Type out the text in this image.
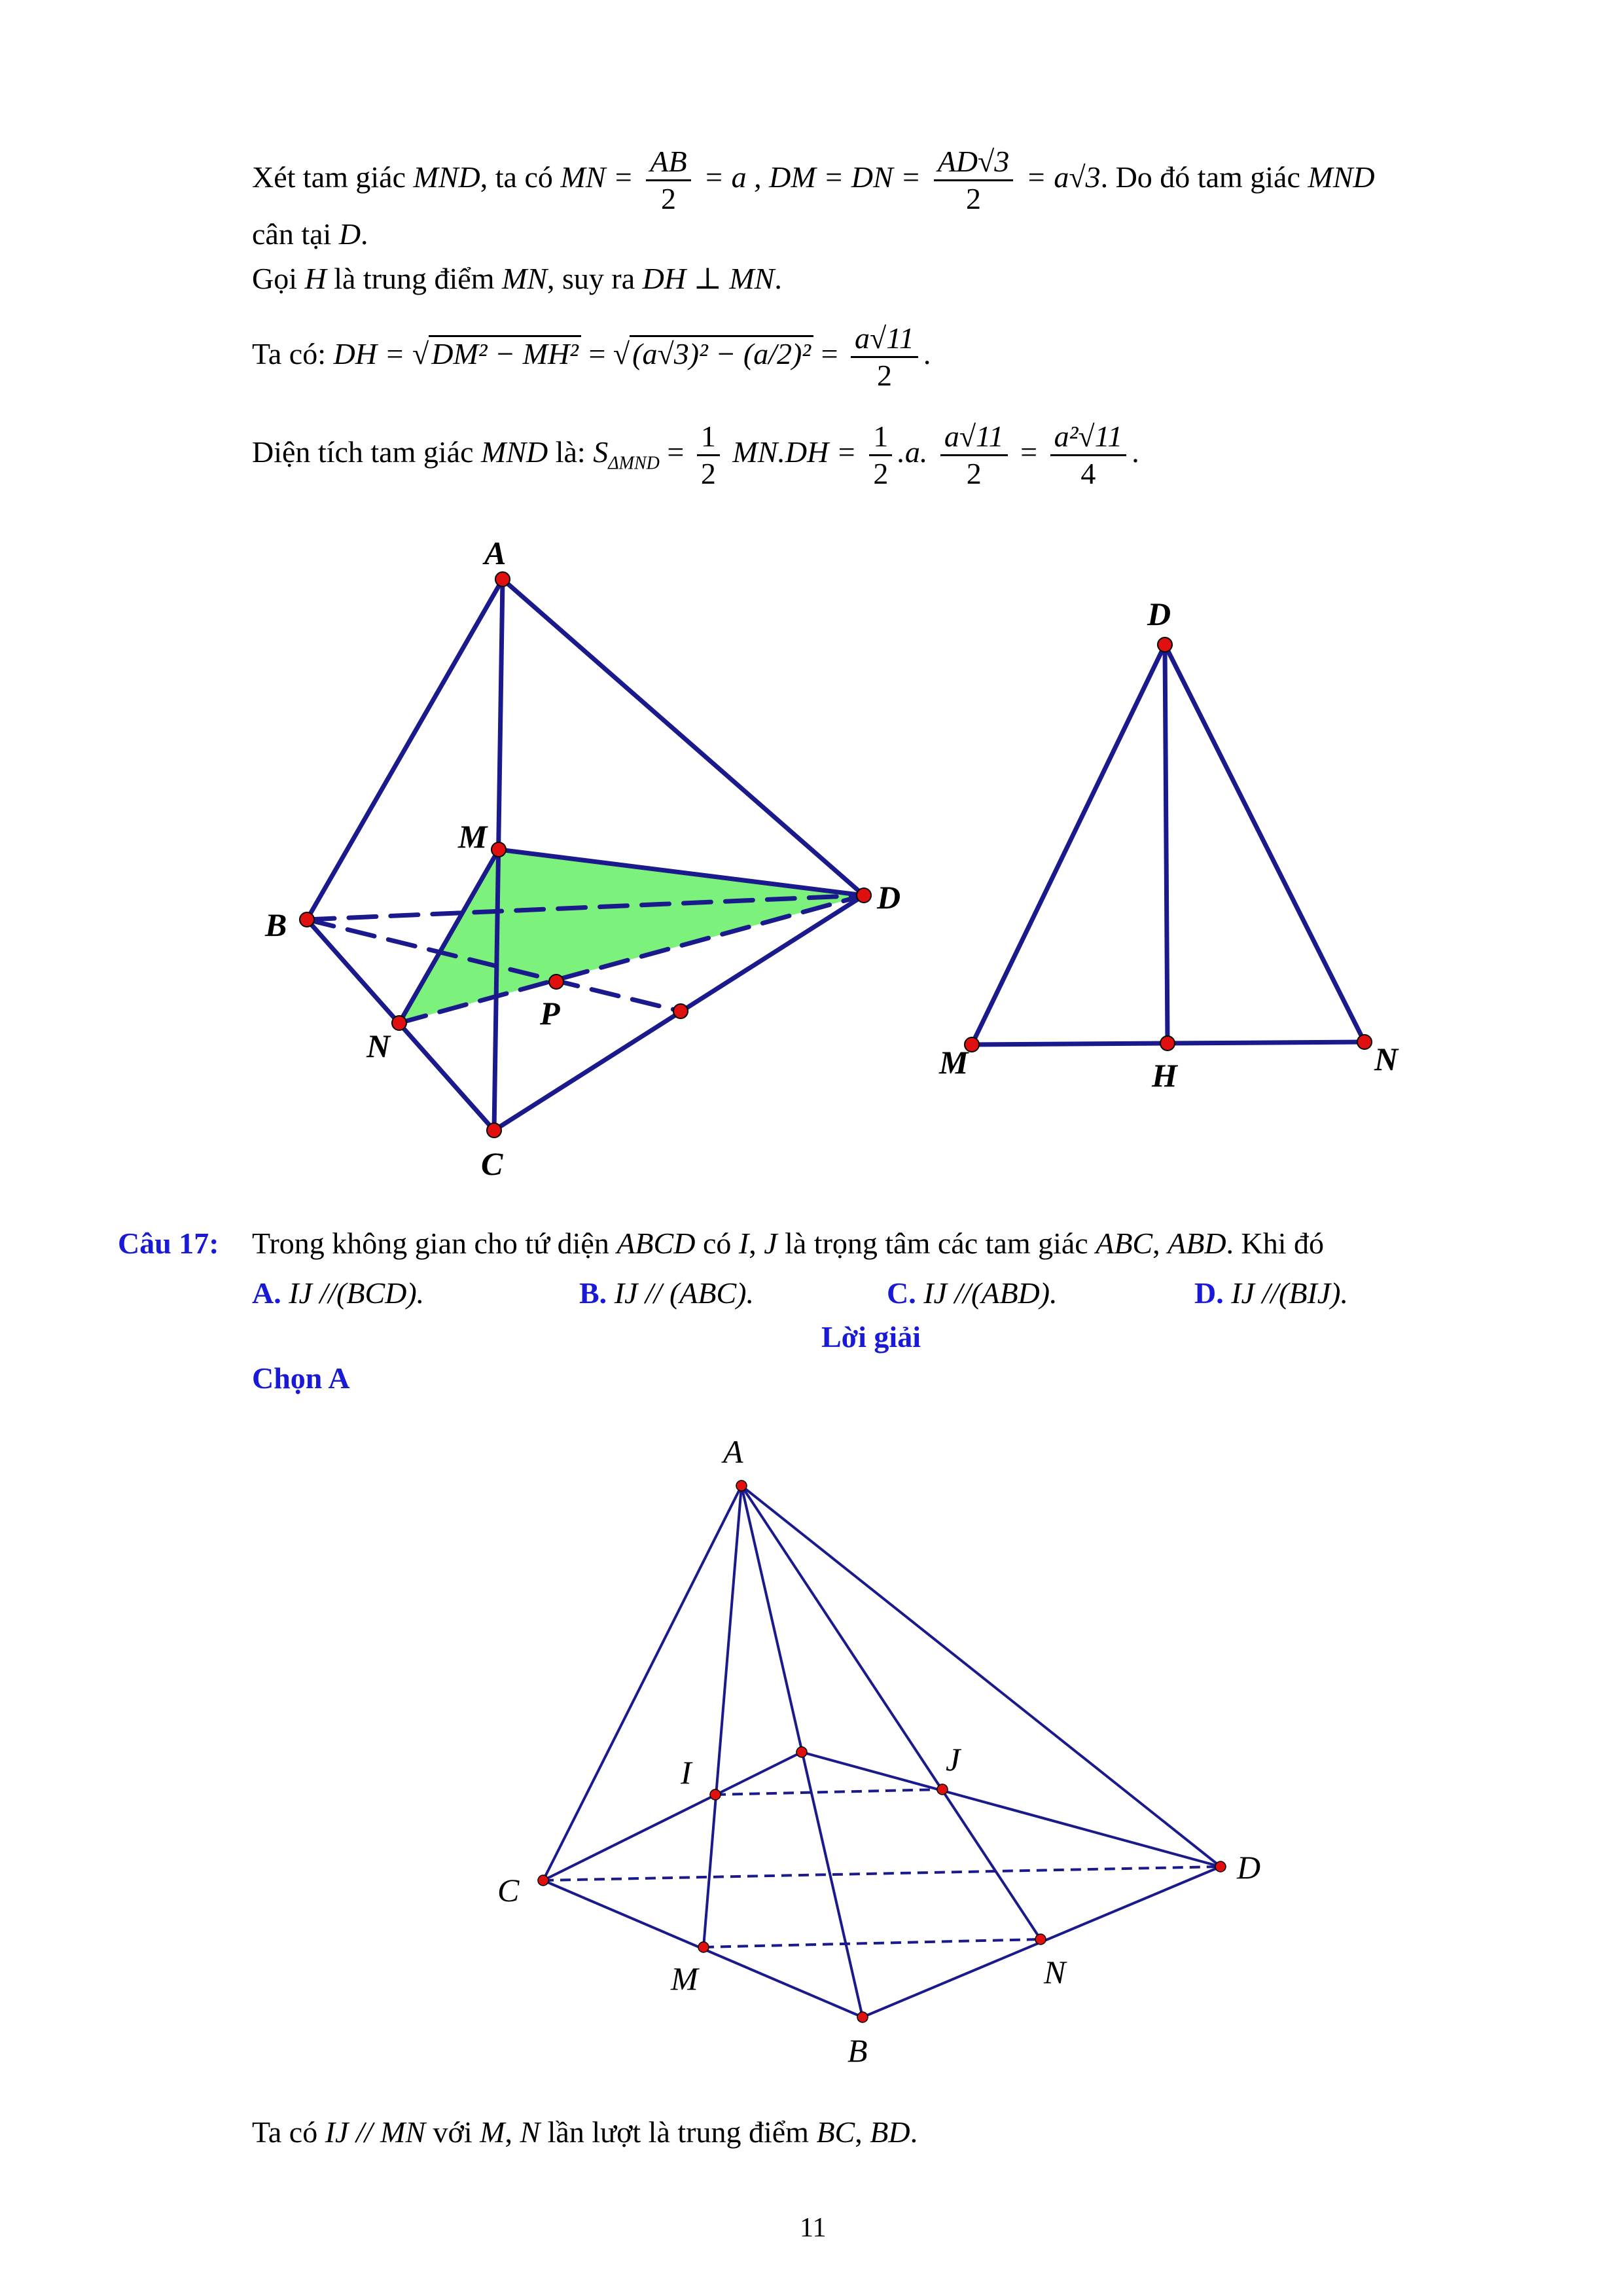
Xét tam giác MND, ta có MN = $\frac{AB}{2} = a$ , DM = DN = $\frac{AD√3}{2} = a√3$. Do đó tam giác MND
cân tại D.
Gọi H là trung điểm MN, suy ra DH ⊥ MN.
Ta có: DH = $√DM^2 - MH^2 = √(a√3)^2 - (a/2)^2 = \frac{a√11}{2}$ .
Diện tích tam giác MND là: $S_{\Delta MND} = \frac{1}{2} MN.DH = \frac{1}{2} .a$. $\frac{a√11}{2} = \frac{\text{a²√11}}{4}$ .
A
B
C
D
M
N
P
D
M	H	N
A
C
D
I	J
M	N
B
Câu 17: Trong không gian cho tứ diện ABCD có I, J là trọng tâm các tam giác ABC, ABD. Khi đó
A. IJ //(BCD).	B. IJ // (ABC).	C. IJ //(ABD).	D. IJ //(BIJ).
Lời giải
Chọn A
Ta có IJ // MN với M, N lần lượt là trung điểm BC, BD.
11
